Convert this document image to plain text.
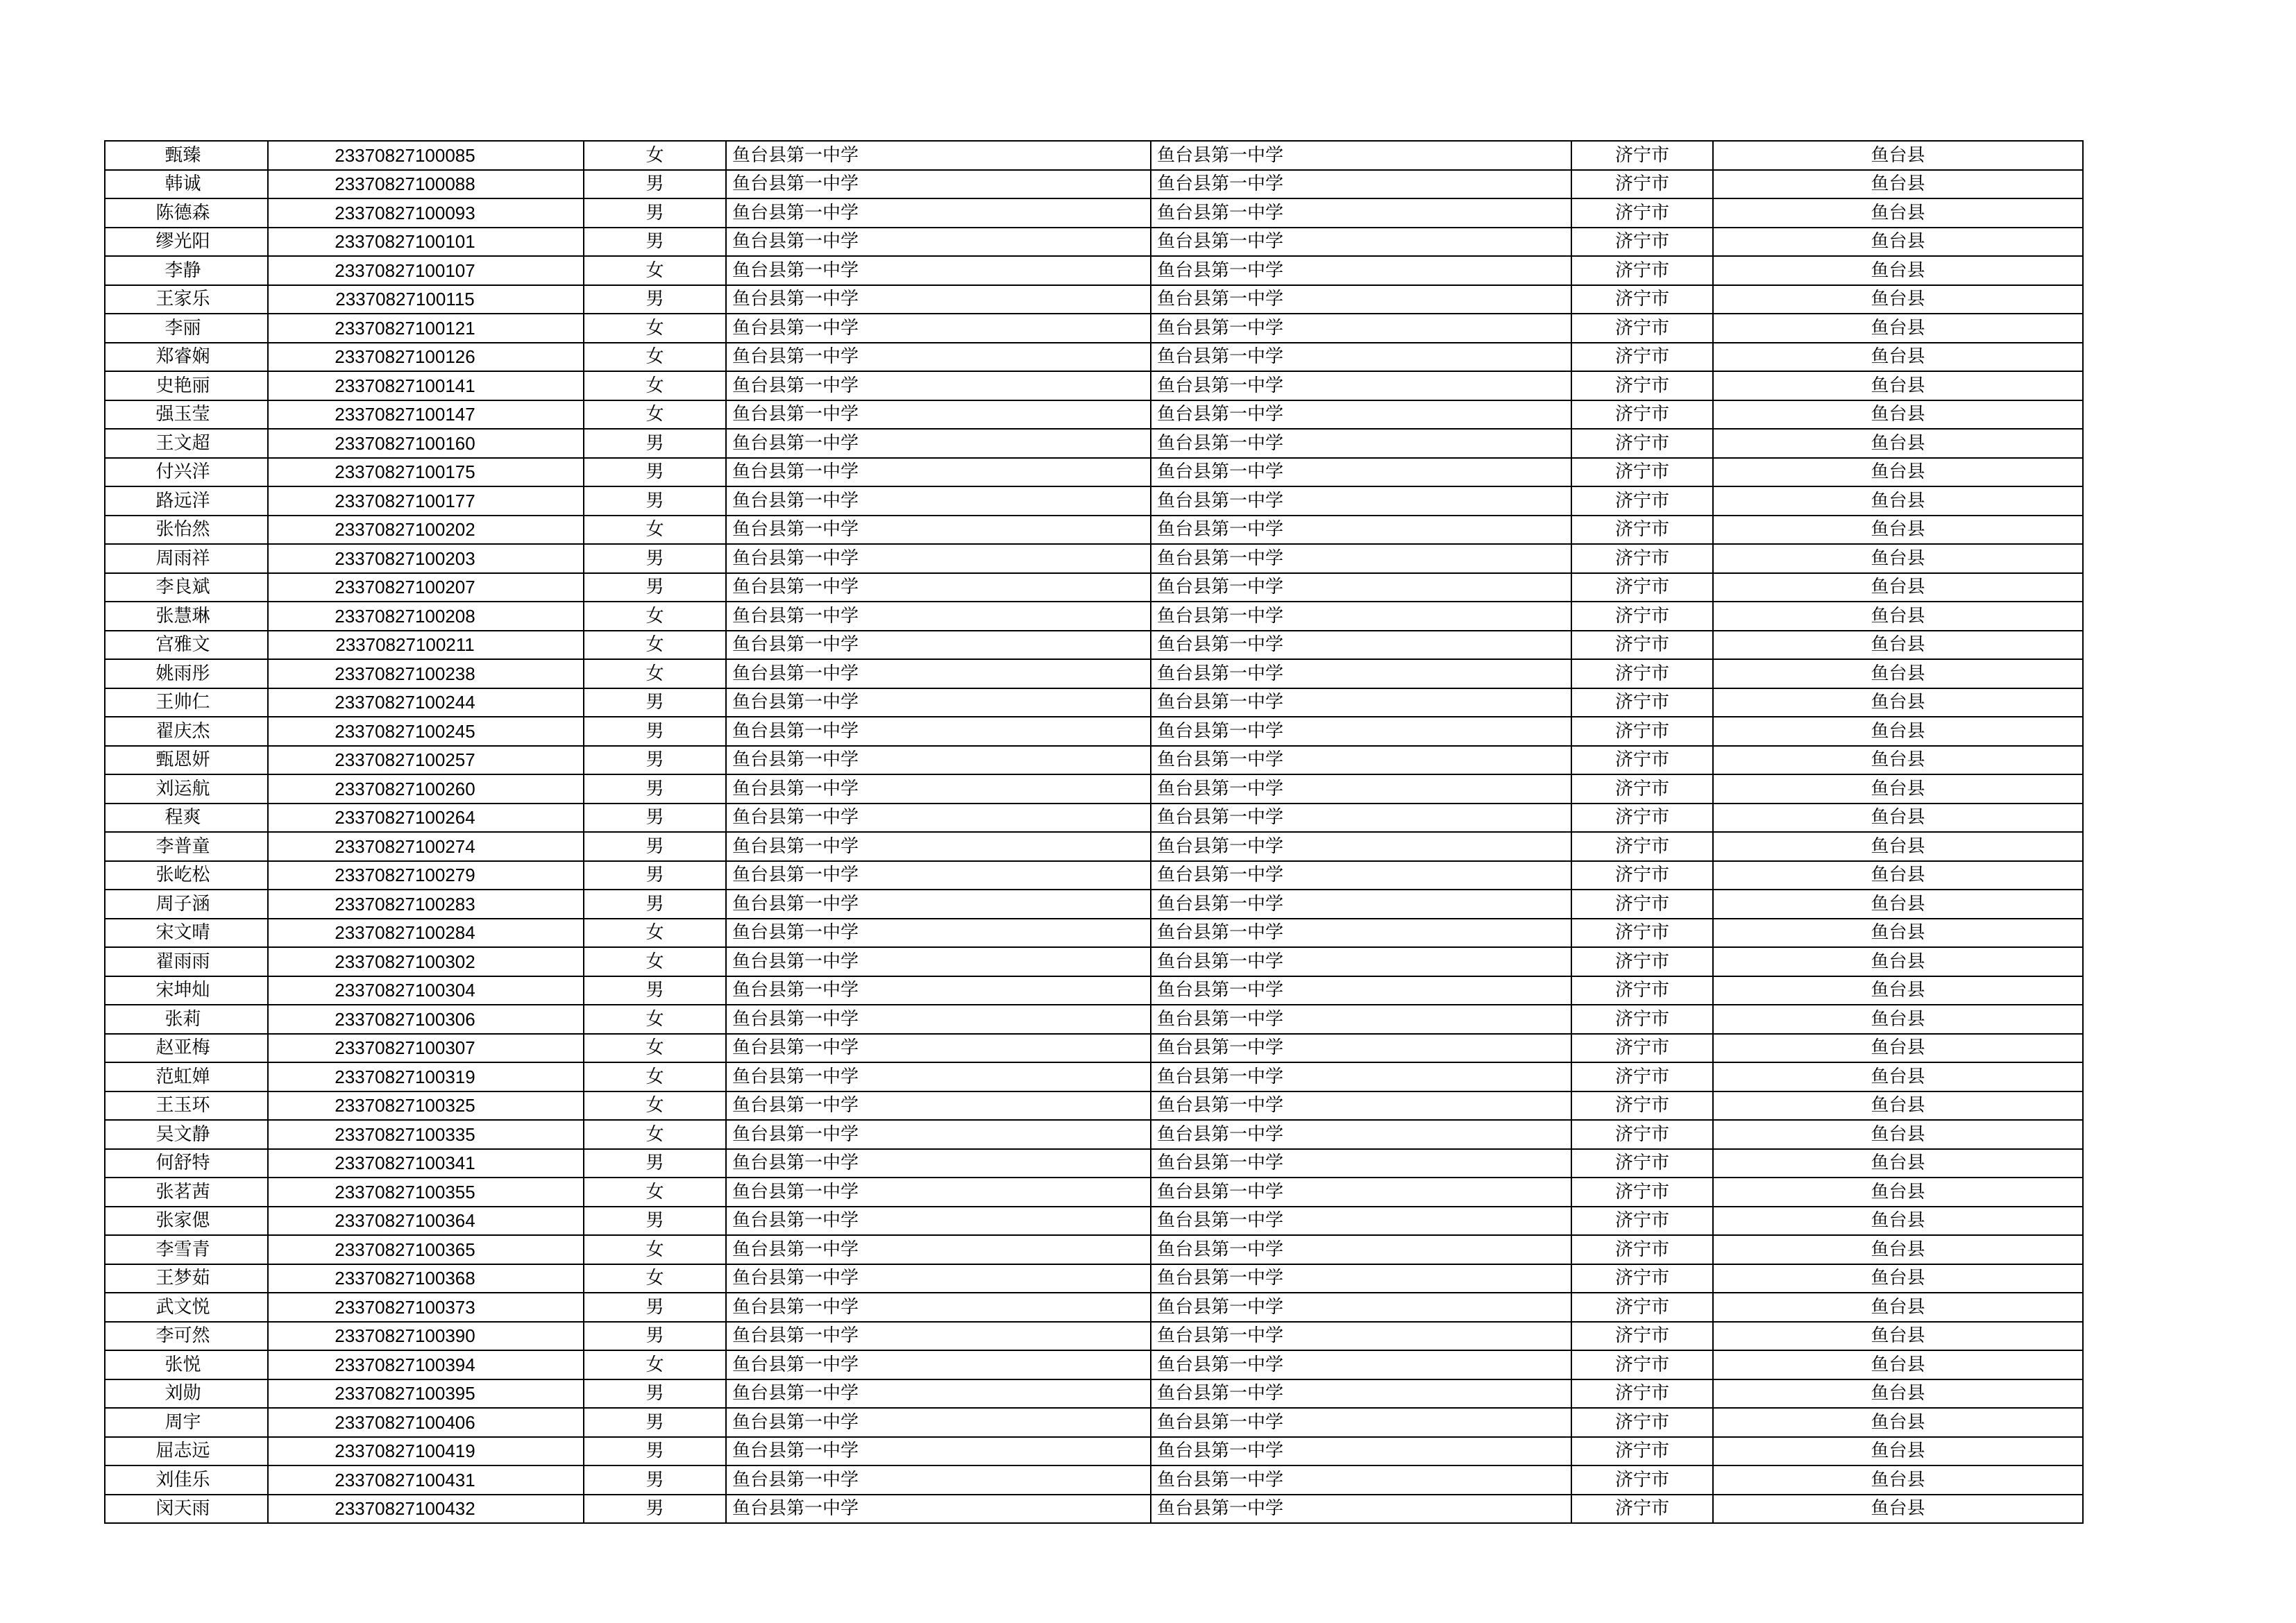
甄臻	23370827100085	女	鱼台县第一中学	鱼台县第一中学	济宁市	鱼台县
韩诚	23370827100088	男	鱼台县第一中学	鱼台县第一中学	济宁市	鱼台县
陈德森	23370827100093	男	鱼台县第一中学	鱼台县第一中学	济宁市	鱼台县
缪光阳	23370827100101	男	鱼台县第一中学	鱼台县第一中学	济宁市	鱼台县
李静	23370827100107	女	鱼台县第一中学	鱼台县第一中学	济宁市	鱼台县
王家乐	23370827100115	男	鱼台县第一中学	鱼台县第一中学	济宁市	鱼台县
李丽	23370827100121	女	鱼台县第一中学	鱼台县第一中学	济宁市	鱼台县
郑睿娴	23370827100126	女	鱼台县第一中学	鱼台县第一中学	济宁市	鱼台县
史艳丽	23370827100141	女	鱼台县第一中学	鱼台县第一中学	济宁市	鱼台县
强玉莹	23370827100147	女	鱼台县第一中学	鱼台县第一中学	济宁市	鱼台县
王文超	23370827100160	男	鱼台县第一中学	鱼台县第一中学	济宁市	鱼台县
付兴洋	23370827100175	男	鱼台县第一中学	鱼台县第一中学	济宁市	鱼台县
路远洋	23370827100177	男	鱼台县第一中学	鱼台县第一中学	济宁市	鱼台县
张怡然	23370827100202	女	鱼台县第一中学	鱼台县第一中学	济宁市	鱼台县
周雨祥	23370827100203	男	鱼台县第一中学	鱼台县第一中学	济宁市	鱼台县
李良斌	23370827100207	男	鱼台县第一中学	鱼台县第一中学	济宁市	鱼台县
张慧琳	23370827100208	女	鱼台县第一中学	鱼台县第一中学	济宁市	鱼台县
宫雅文	23370827100211	女	鱼台县第一中学	鱼台县第一中学	济宁市	鱼台县
姚雨彤	23370827100238	女	鱼台县第一中学	鱼台县第一中学	济宁市	鱼台县
王帅仁	23370827100244	男	鱼台县第一中学	鱼台县第一中学	济宁市	鱼台县
翟庆杰	23370827100245	男	鱼台县第一中学	鱼台县第一中学	济宁市	鱼台县
甄恩妍	23370827100257	男	鱼台县第一中学	鱼台县第一中学	济宁市	鱼台县
刘运航	23370827100260	男	鱼台县第一中学	鱼台县第一中学	济宁市	鱼台县
程爽	23370827100264	男	鱼台县第一中学	鱼台县第一中学	济宁市	鱼台县
李普童	23370827100274	男	鱼台县第一中学	鱼台县第一中学	济宁市	鱼台县
张屹松	23370827100279	男	鱼台县第一中学	鱼台县第一中学	济宁市	鱼台县
周子涵	23370827100283	男	鱼台县第一中学	鱼台县第一中学	济宁市	鱼台县
宋文晴	23370827100284	女	鱼台县第一中学	鱼台县第一中学	济宁市	鱼台县
翟雨雨	23370827100302	女	鱼台县第一中学	鱼台县第一中学	济宁市	鱼台县
宋坤灿	23370827100304	男	鱼台县第一中学	鱼台县第一中学	济宁市	鱼台县
张莉	23370827100306	女	鱼台县第一中学	鱼台县第一中学	济宁市	鱼台县
赵亚梅	23370827100307	女	鱼台县第一中学	鱼台县第一中学	济宁市	鱼台县
范虹婵	23370827100319	女	鱼台县第一中学	鱼台县第一中学	济宁市	鱼台县
王玉环	23370827100325	女	鱼台县第一中学	鱼台县第一中学	济宁市	鱼台县
吴文静	23370827100335	女	鱼台县第一中学	鱼台县第一中学	济宁市	鱼台县
何舒特	23370827100341	男	鱼台县第一中学	鱼台县第一中学	济宁市	鱼台县
张茗茜	23370827100355	女	鱼台县第一中学	鱼台县第一中学	济宁市	鱼台县
张家偲	23370827100364	男	鱼台县第一中学	鱼台县第一中学	济宁市	鱼台县
李雪青	23370827100365	女	鱼台县第一中学	鱼台县第一中学	济宁市	鱼台县
王梦茹	23370827100368	女	鱼台县第一中学	鱼台县第一中学	济宁市	鱼台县
武文悦	23370827100373	男	鱼台县第一中学	鱼台县第一中学	济宁市	鱼台县
李可然	23370827100390	男	鱼台县第一中学	鱼台县第一中学	济宁市	鱼台县
张悦	23370827100394	女	鱼台县第一中学	鱼台县第一中学	济宁市	鱼台县
刘勋	23370827100395	男	鱼台县第一中学	鱼台县第一中学	济宁市	鱼台县
周宇	23370827100406	男	鱼台县第一中学	鱼台县第一中学	济宁市	鱼台县
屈志远	23370827100419	男	鱼台县第一中学	鱼台县第一中学	济宁市	鱼台县
刘佳乐	23370827100431	男	鱼台县第一中学	鱼台县第一中学	济宁市	鱼台县
闵天雨	23370827100432	男	鱼台县第一中学	鱼台县第一中学	济宁市	鱼台县
